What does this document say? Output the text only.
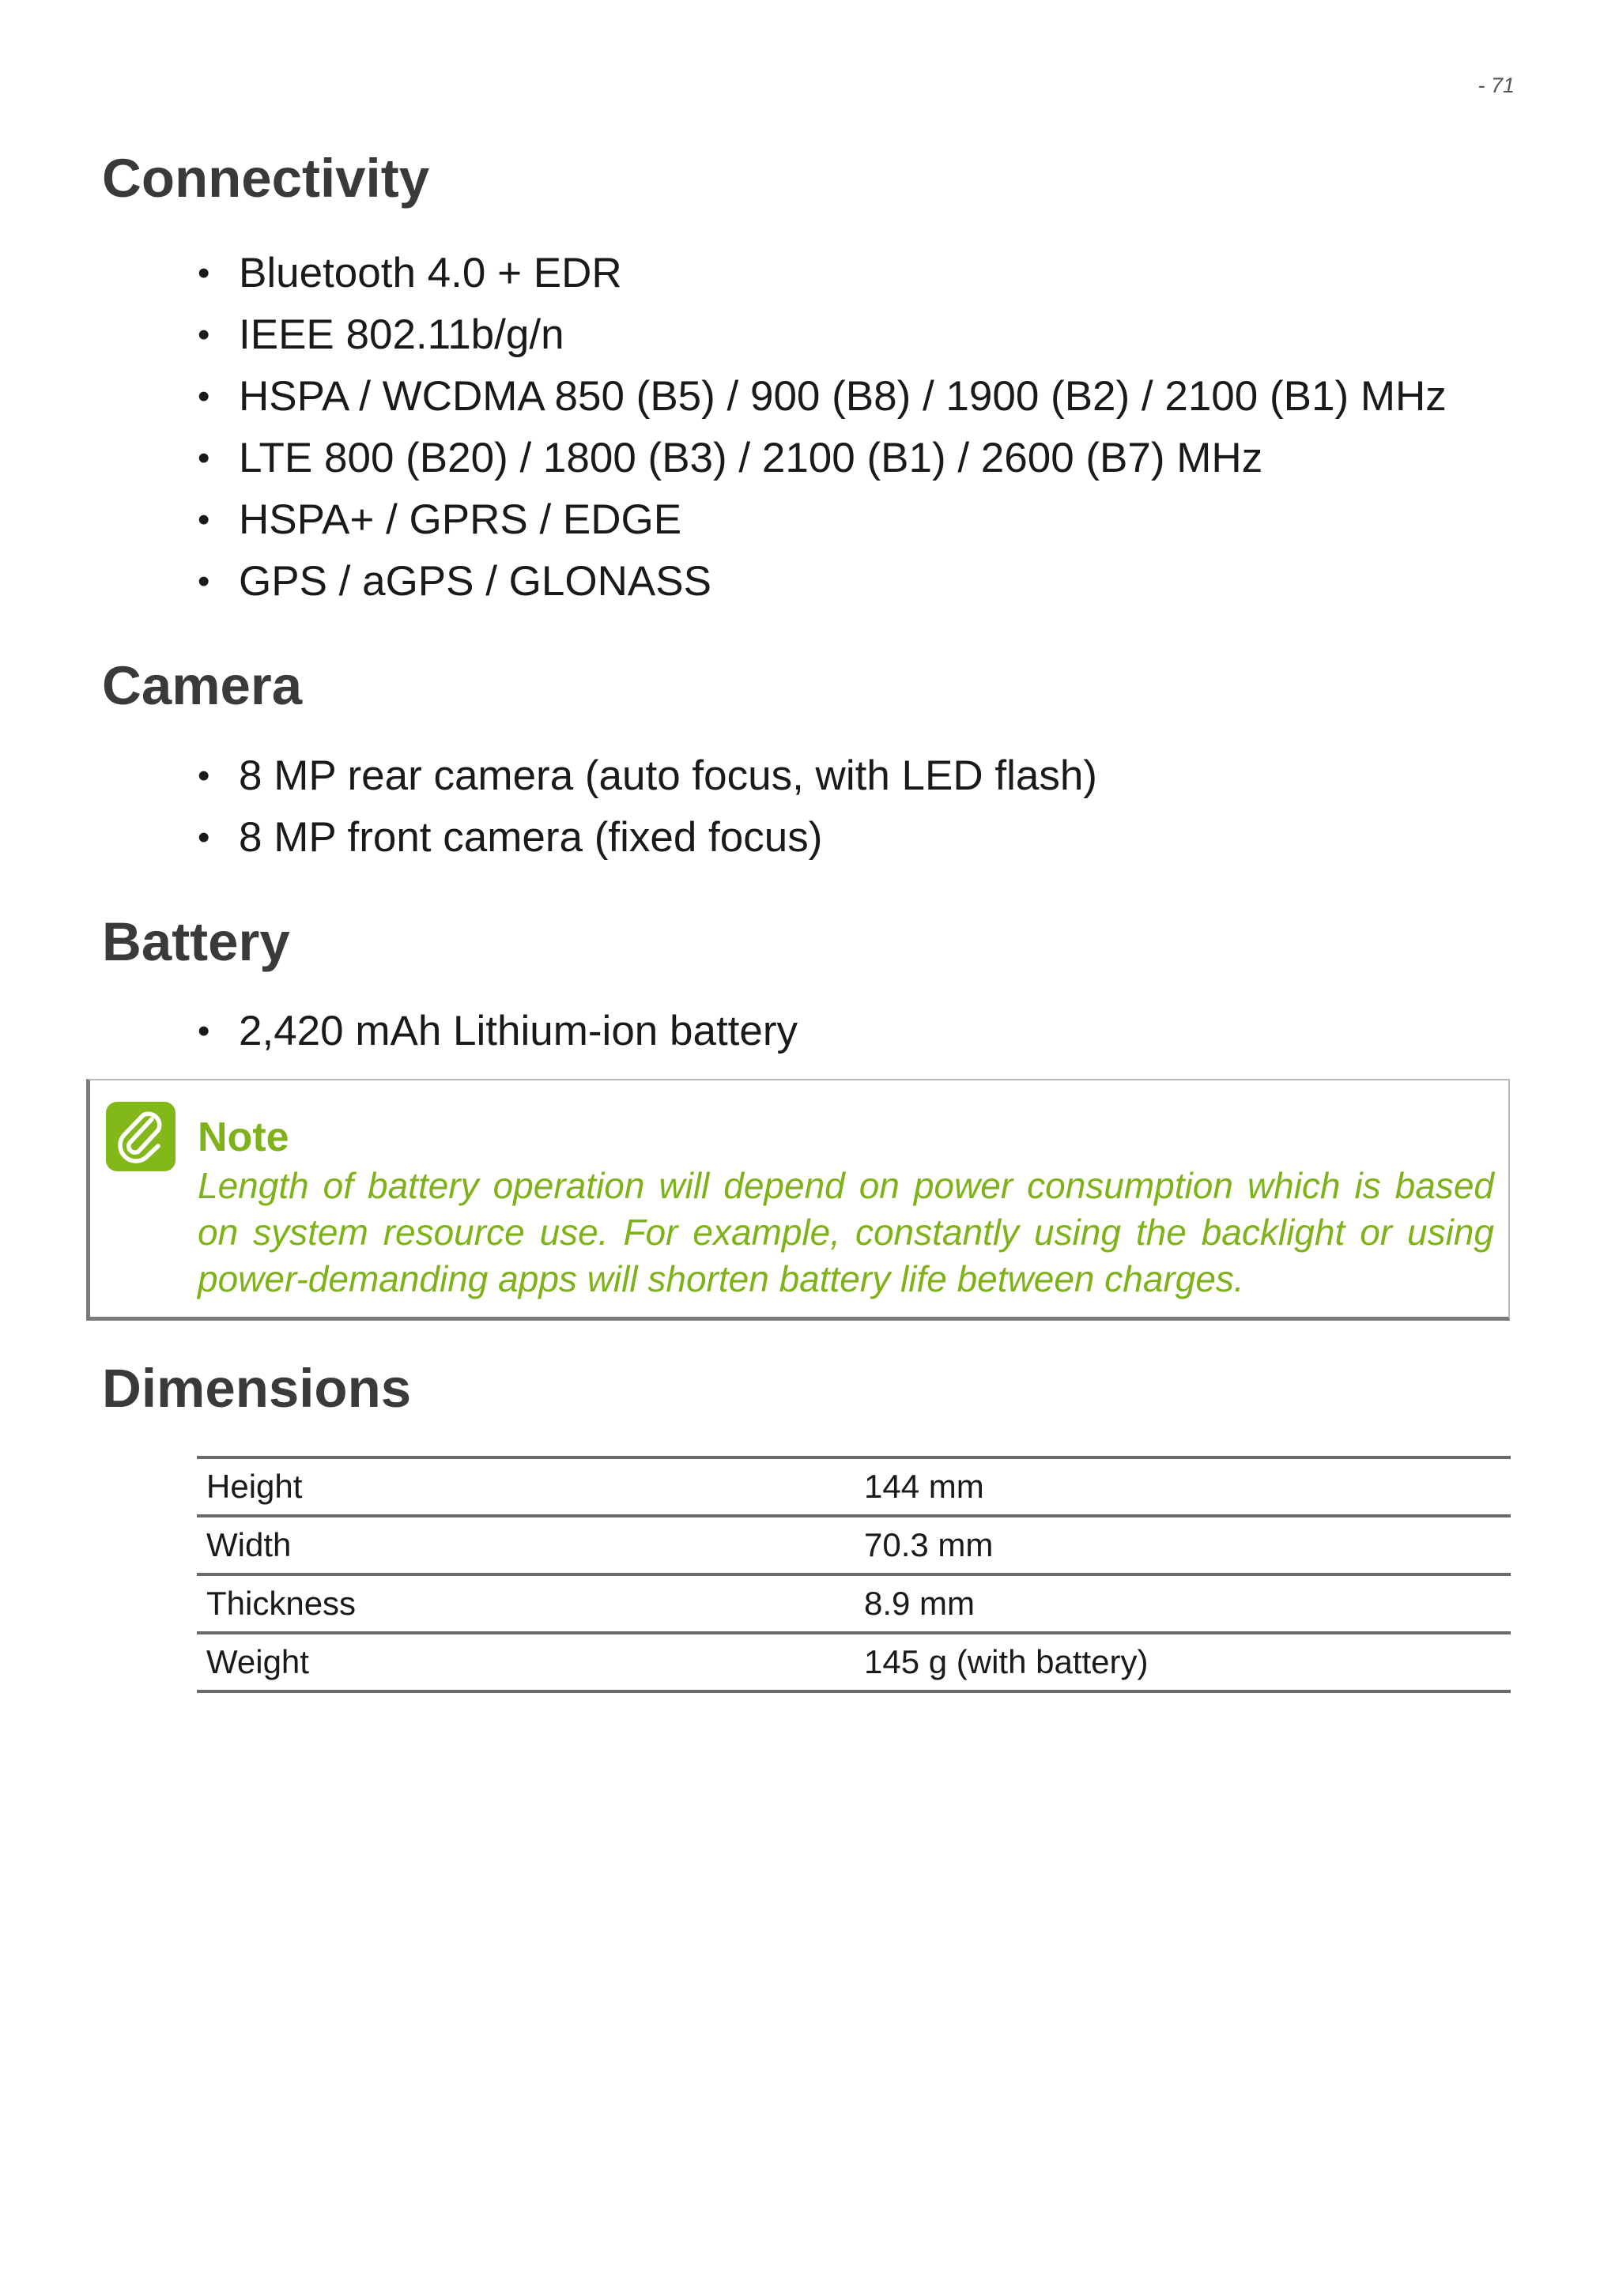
- 71
Connectivity
• Bluetooth 4.0 + EDR
• IEEE 802.11b/g/n
• HSPA / WCDMA 850 (B5) / 900 (B8) / 1900 (B2) / 2100 (B1) MHz
• LTE 800 (B20) / 1800 (B3) / 2100 (B1) / 2600 (B7) MHz
• HSPA+ / GPRS / EDGE
• GPS / aGPS / GLONASS
Camera
• 8 MP rear camera (auto focus, with LED flash)
• 8 MP front camera (fixed focus)
Battery
• 2,420 mAh Lithium-ion battery
Note
Length of battery operation will depend on power consumption which is based on system resource use. For example, constantly using the backlight or using power-demanding apps will shorten battery life between charges.
Dimensions
Height	144 mm
Width	70.3 mm
Thickness	8.9 mm
Weight	145 g (with battery)
